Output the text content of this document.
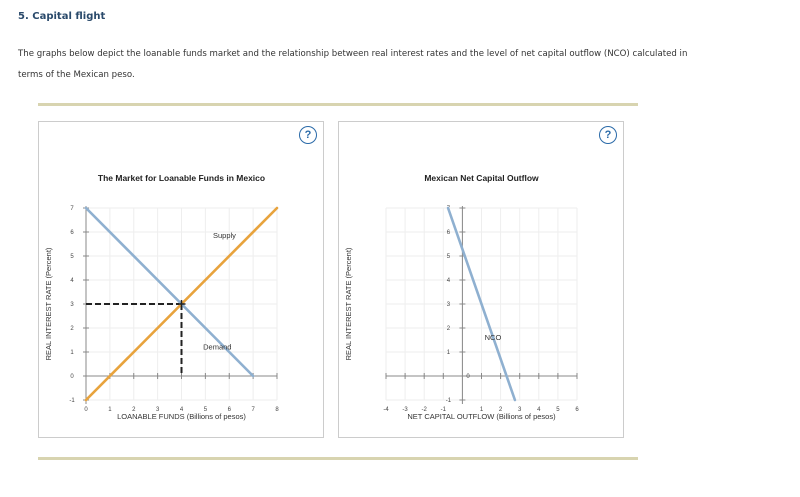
5. Capital flight
The graphs below depict the loanable funds market and the relationship between real interest rates and the level of net capital outflow (NCO) calculated in terms of the Mexican peso.
?
The Market for Loanable Funds in Mexico
-1
0
1
2
3
4
5
6
7
0	1	2	3	4	5	6	7	8
LOANABLE FUNDS (Billions of pesos)
REAL INTEREST RATE (Percent)
Supply
Demand
?
Mexican Net Capital Outflow
-1
1
2
3
4
5
6
-4 -3 -2 -1	1	2	3	4	5	6
0
NET CAPITAL OUTFLOW (Billions of pesos)
REAL INTEREST RATE (Percent)	NCO
